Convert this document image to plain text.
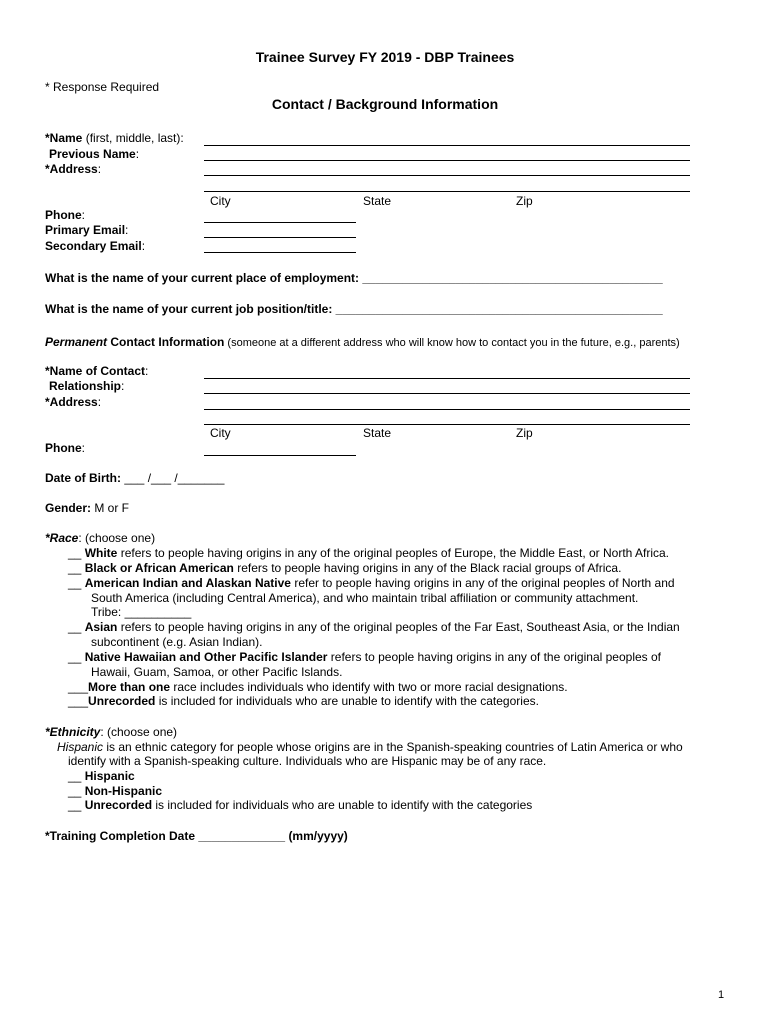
Trainee Survey FY 2019 - DBP Trainees
* Response Required
Contact / Background Information
*Name (first, middle, last):
Previous Name:
*Address:
City	State	Zip
Phone:
Primary Email:
Secondary Email:
What is the name of your current place of employment: _____________________________________________
What is the name of your current job position/title: _________________________________________________
Permanent Contact Information (someone at a different address who will know how to contact you in the future, e.g., parents)
*Name of Contact:
Relationship:
*Address:
City	State	Zip
Phone:
Date of Birth: ___ /___ /_______
Gender: M or F
*Race: (choose one)
__ White refers to people having origins in any of the original peoples of Europe, the Middle East, or North Africa.
__ Black or African American refers to people having origins in any of the Black racial groups of Africa.
__ American Indian and Alaskan Native refer to people having origins in any of the original peoples of North and
South America (including Central America), and who maintain tribal affiliation or community attachment.
Tribe: __________
__ Asian refers to people having origins in any of the original peoples of the Far East, Southeast Asia, or the Indian
subcontinent (e.g. Asian Indian).
__ Native Hawaiian and Other Pacific Islander refers to people having origins in any of the original peoples of
Hawaii, Guam, Samoa, or other Pacific Islands.
___More than one race includes individuals who identify with two or more racial designations.
___Unrecorded is included for individuals who are unable to identify with the categories.
*Ethnicity: (choose one)
Hispanic is an ethnic category for people whose origins are in the Spanish-speaking countries of Latin America or who
identify with a Spanish-speaking culture. Individuals who are Hispanic may be of any race.
__ Hispanic
__ Non-Hispanic
__ Unrecorded is included for individuals who are unable to identify with the categories
*Training Completion Date _____________ (mm/yyyy)
1
